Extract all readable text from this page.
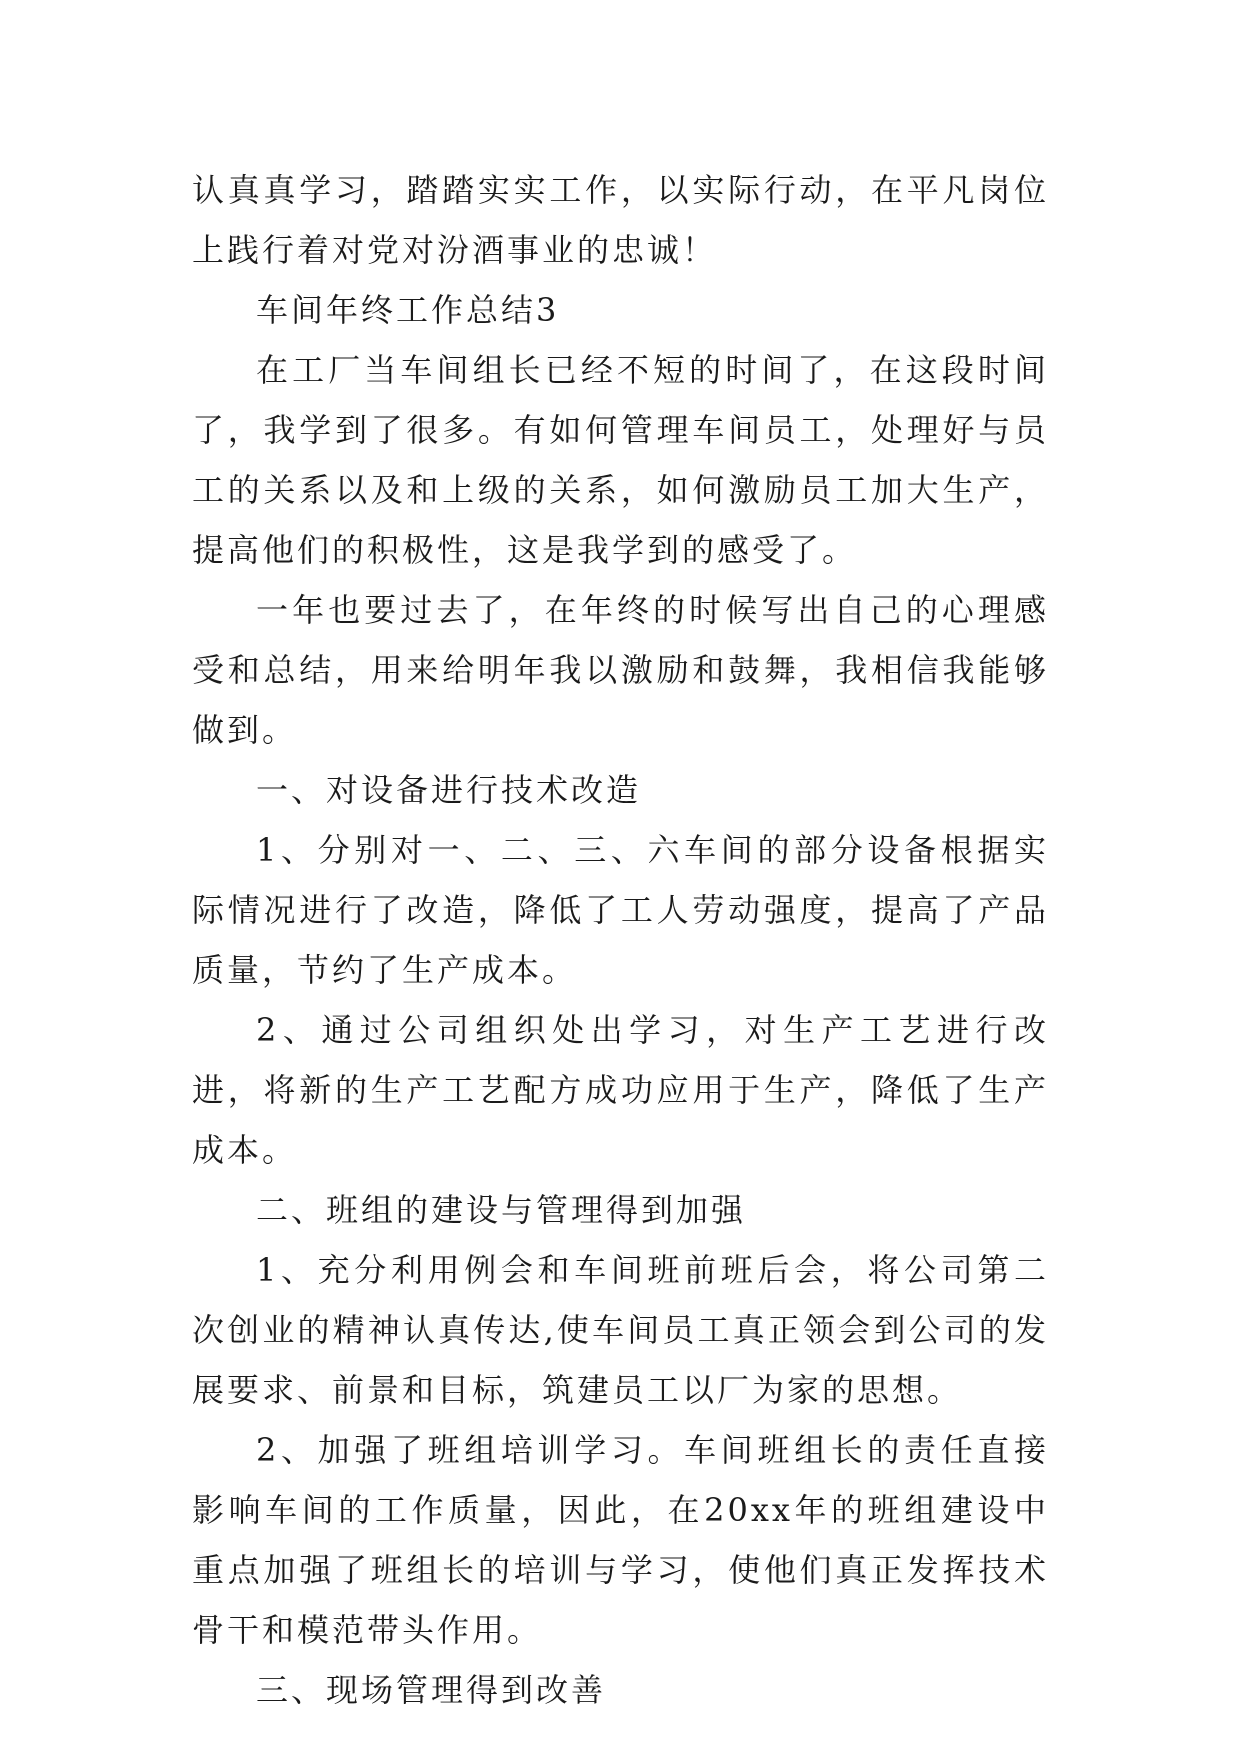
认真真学习，踏踏实实工作，以实际行动，在平凡岗位上践行着对党对汾酒事业的忠诚！

车间年终工作总结3

在工厂当车间组长已经不短的时间了，在这段时间了，我学到了很多。有如何管理车间员工，处理好与员工的关系以及和上级的关系，如何激励员工加大生产，提高他们的积极性，这是我学到的感受了。

一年也要过去了，在年终的时候写出自己的心理感受和总结，用来给明年我以激励和鼓舞，我相信我能够做到。

一、对设备进行技术改造

1、分别对一、二、三、六车间的部分设备根据实际情况进行了改造，降低了工人劳动强度，提高了产品质量，节约了生产成本。

2、通过公司组织处出学习，对生产工艺进行改进，将新的生产工艺配方成功应用于生产，降低了生产成本。

二、班组的建设与管理得到加强

1、充分利用例会和车间班前班后会，将公司第二次创业的精神认真传达,使车间员工真正领会到公司的发展要求、前景和目标，筑建员工以厂为家的思想。

2、加强了班组培训学习。车间班组长的责任直接影响车间的工作质量，因此，在20xx年的班组建设中重点加强了班组长的培训与学习，使他们真正发挥技术骨干和模范带头作用。

三、现场管理得到改善
